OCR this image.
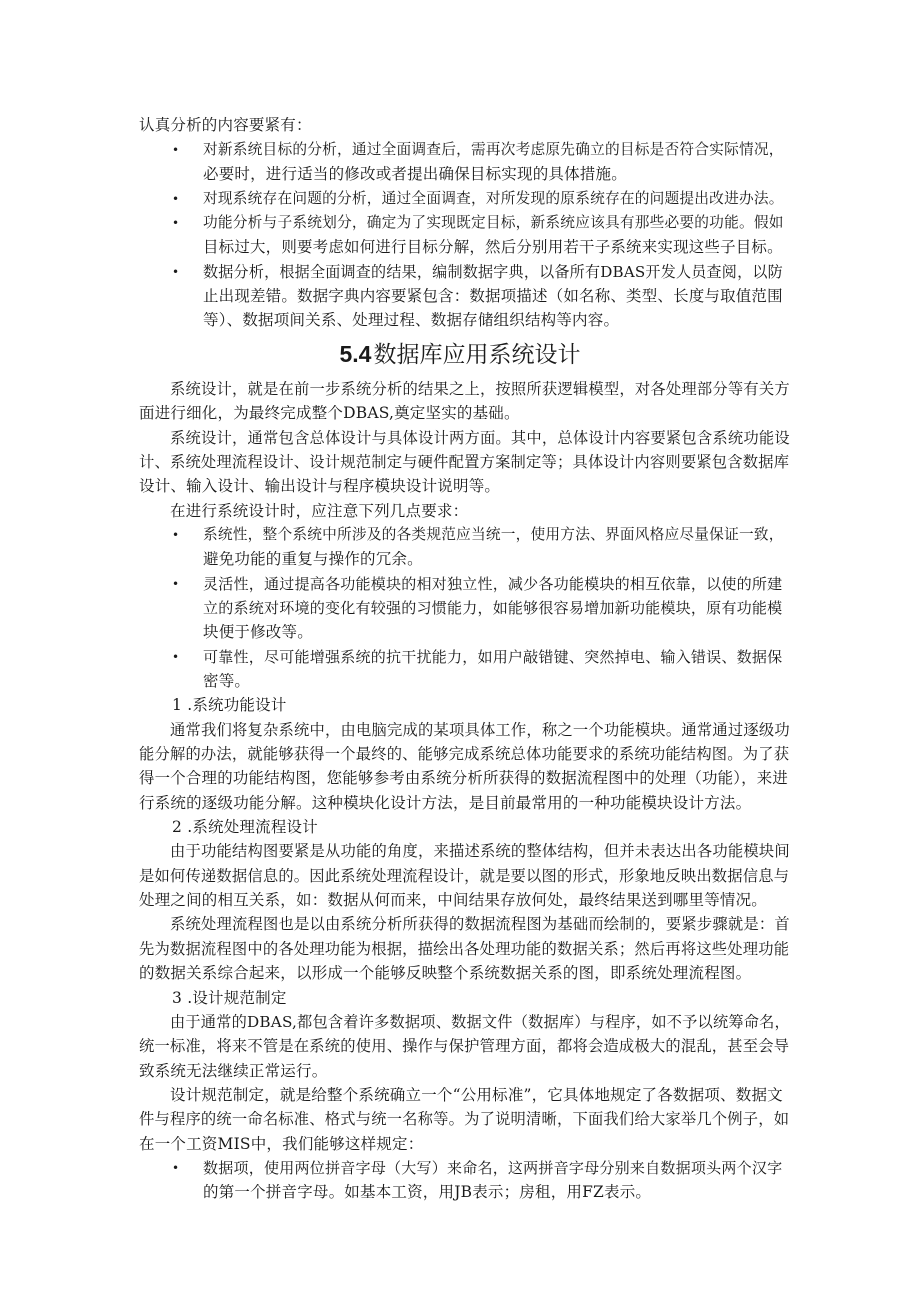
认真分析的内容要紧有：
• 对新系统目标的分析，通过全面调查后，需再次考虑原先确立的目标是否符合实际情况，
必要时，进行适当的修改或者提出确保目标实现的具体措施。
• 对现系统存在问题的分析，通过全面调查，对所发现的原系统存在的问题提出改进办法。
• 功能分析与子系统划分，确定为了实现既定目标，新系统应该具有那些必要的功能。假如
目标过大，则要考虑如何进行目标分解，然后分别用若干子系统来实现这些子目标。
• 数据分析，根据全面调查的结果，编制数据字典，以备所有DBAS开发人员查阅，以防
止出现差错。数据字典内容要紧包含：数据项描述（如名称、类型、长度与取值范围
等）、数据项间关系、处理过程、数据存储组织结构等内容。
5.4数据库应用系统设计
系统设计，就是在前一步系统分析的结果之上，按照所获逻辑模型，对各处理部分等有关方
面进行细化，为最终完成整个DBAS,奠定坚实的基础。
系统设计，通常包含总体设计与具体设计两方面。其中，总体设计内容要紧包含系统功能设
计、系统处理流程设计、设计规范制定与硬件配置方案制定等；具体设计内容则要紧包含数据库
设计、输入设计、输出设计与程序模块设计说明等。
在进行系统设计时，应注意下列几点要求：
• 系统性，整个系统中所涉及的各类规范应当统一，使用方法、界面风格应尽量保证一致，
避免功能的重复与操作的冗余。
• 灵活性，通过提高各功能模块的相对独立性，减少各功能模块的相互依靠，以使的所建
立的系统对环境的变化有较强的习惯能力，如能够很容易增加新功能模块，原有功能模
块便于修改等。
• 可靠性，尽可能增强系统的抗干扰能力，如用户敲错键、突然掉电、输入错误、数据保
密等。
1 .系统功能设计
通常我们将复杂系统中，由电脑完成的某项具体工作，称之一个功能模块。通常通过逐级功
能分解的办法，就能够获得一个最终的、能够完成系统总体功能要求的系统功能结构图。为了获
得一个合理的功能结构图，您能够参考由系统分析所获得的数据流程图中的处理（功能），来进
行系统的逐级功能分解。这种模块化设计方法，是目前最常用的一种功能模块设计方法。
2 .系统处理流程设计
由于功能结构图要紧是从功能的角度，来描述系统的整体结构，但并未表达出各功能模块间
是如何传递数据信息的。因此系统处理流程设计，就是要以图的形式，形象地反映出数据信息与
处理之间的相互关系，如：数据从何而来，中间结果存放何处，最终结果送到哪里等情况。
系统处理流程图也是以由系统分析所获得的数据流程图为基础而绘制的，要紧步骤就是：首
先为数据流程图中的各处理功能为根据，描绘出各处理功能的数据关系；然后再将这些处理功能
的数据关系综合起来，以形成一个能够反映整个系统数据关系的图，即系统处理流程图。
3 .设计规范制定
由于通常的DBAS,都包含着许多数据项、数据文件（数据库）与程序，如不予以统筹命名，
统一标准，将来不管是在系统的使用、操作与保护管理方面，都将会造成极大的混乱，甚至会导
致系统无法继续正常运行。
设计规范制定，就是给整个系统确立一个“公用标准”，它具体地规定了各数据项、数据文
件与程序的统一命名标准、格式与统一名称等。为了说明清晰，下面我们给大家举几个例子，如
在一个工资MIS中，我们能够这样规定：
• 数据项，使用两位拼音字母（大写）来命名，这两拼音字母分别来自数据项头两个汉字
的第一个拼音字母。如基本工资，用JB表示；房租，用FZ表示。
